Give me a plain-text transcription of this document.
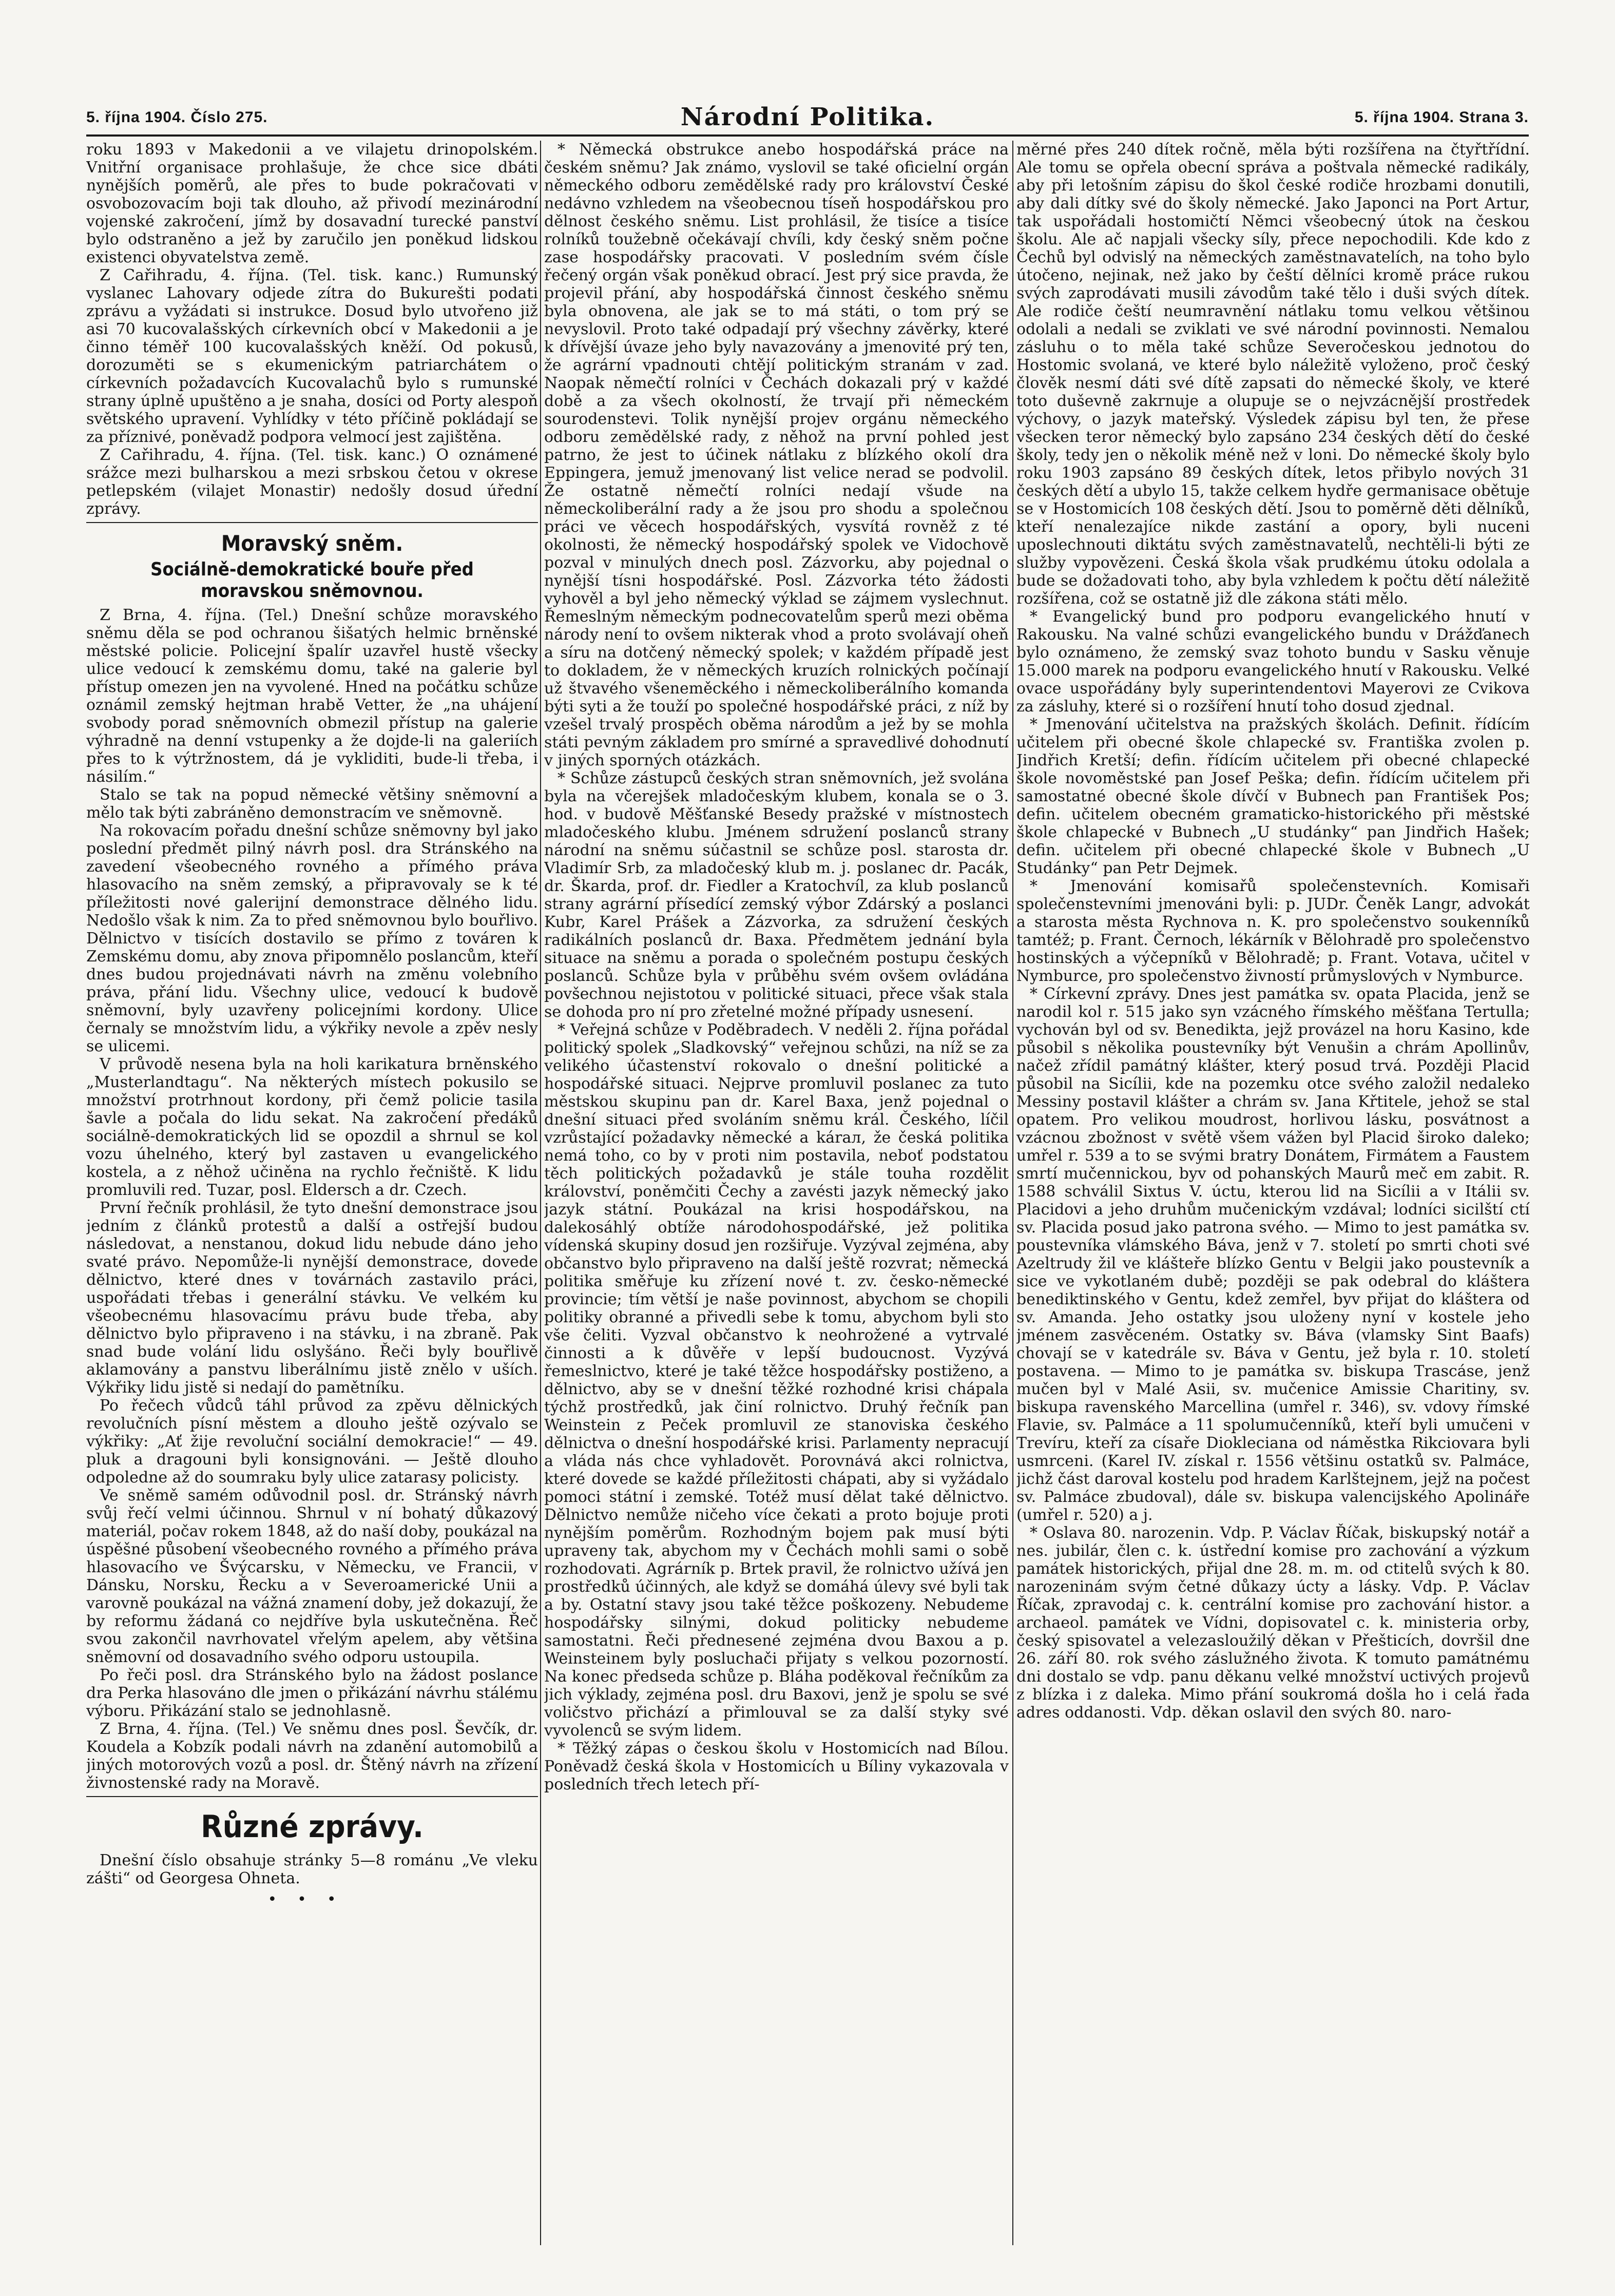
5. října 1904. Číslo 275.	Národní Politika.	5. října 1904. Strana 3.

roku 1893 v Makedonii a ve vilajetu drinopolském. Vnitřní organisace prohlašuje, že chce sice dbáti nynějších poměrů, ale přes to bude pokračovati v osvobozovacím boji tak dlouho, až přivodí mezinárodní vojenské zakročení, jímž by dosavadní turecké panství bylo odstraněno a jež by zaručilo jen poněkud lidskou existenci obyvatelstva země.

Z Cařihradu, 4. října. (Tel. tisk. kanc.) Rumunský vyslanec Lahovary odjede zítra do Bukurešti podati zprávu a vyžádati si instrukce. Dosud bylo utvořeno již asi 70 kucovalašských církevních obcí v Makedonii a je činno téměř 100 kucovalašských kněží. Od pokusů, dorozuměti se s ekumenickým patriarchátem o církevních požadavcích Kucovalachů bylo s rumunské strany úplně upuštěno a je snaha, dosíci od Porty alespoň světského upravení. Vyhlídky v této příčině pokládají se za příznivé, poněvadž podpora velmocí jest zajištěna.

Z Cařihradu, 4. října. (Tel. tisk. kanc.) O oznámené srážce mezi bulharskou a mezi srbskou četou v okrese petlepském (vilajet Monastir) nedošly dosud úřední zprávy.

Moravský sněm.
Sociálně-demokratické bouře před moravskou sněmovnou.

Z Brna, 4. října. (Tel.) Dnešní schůze moravského sněmu děla se pod ochranou šišatých helmic brněnské městské policie. Policejní špalír uzavřel hustě všecky ulice vedoucí k zemskému domu, také na galerie byl přístup omezen jen na vyvolené. Hned na počátku schůze oznámil zemský hejtman hrabě Vetter, že „na uhájení svobody porad sněmovních obmezil přístup na galerie výhradně na denní vstupenky a že dojde-li na galeriích přes to k výtržnostem, dá je vykliditi, bude-li třeba, i násilím.“

Stalo se tak na popud německé většiny sněmovní a mělo tak býti zabráněno demonstracím ve sněmovně.

Na rokovacím pořadu dnešní schůze sněmovny byl jako poslední předmět pilný návrh posl. dra Stránského na zavedení všeobecného rovného a přímého práva hlasovacího na sněm zemský, a připravovaly se k té příležitosti nové galerijní demonstrace dělného lidu. Nedošlo však k nim. Za to před sněmovnou bylo bouřlivo. Dělnictvo v tisících dostavilo se přímo z továren k Zemskému domu, aby znova připomnělo poslancům, kteří dnes budou projednávati návrh na změnu volebního práva, přání lidu. Všechny ulice, vedoucí k budově sněmovní, byly uzavřeny policejními kordony. Ulice černaly se množstvím lidu, a výkřiky nevole a zpěv nesly se ulicemi.

V průvodě nesena byla na holi karikatura brněnského „Musterlandtagu“. Na některých místech pokusilo se množství protrhnout kordony, při čemž policie tasila šavle a počala do lidu sekat. Na zakročení předáků sociálně-demokratických lid se opozdil a shrnul se kol vozu úhelného, který byl zastaven u evangelického kostela, a z něhož učiněna na rychlo řečniště. K lidu promluvili red. Tuzar, posl. Eldersch a dr. Czech.

První řečník prohlásil, že tyto dnešní demonstrace jsou jedním z článků protestů a další a ostřejší budou následovat, a nenstanou, dokud lidu nebude dáno jeho svaté právo. Nepomůže-li nynější demonstrace, dovede dělnictvo, které dnes v továrnách zastavilo práci, uspořádati třebas i generální stávku. Ve velkém ku všeobecnému hlasovacímu právu bude třeba, aby dělnictvo bylo připraveno i na stávku, i na zbraně. Pak snad bude volání lidu oslyšáno. Řeči byly bouřlivě aklamovány a panstvu liberálnímu jistě znělo v uších. Výkřiky lidu jistě si nedají do pamětníku.

Po řečech vůdců táhl průvod za zpěvu dělnických revolučních písní městem a dlouho ještě ozývalo se výkřiky: „Ať žije revoluční sociální demokracie!“ — 49. pluk a dragouni byli konsignováni. — Ještě dlouho odpoledne až do soumraku byly ulice zatarasy policisty.

Ve sněmě samém odůvodnil posl. dr. Stránský návrh svůj řečí velmi účinnou. Shrnul v ní bohatý důkazový materiál, počav rokem 1848, až do naší doby, poukázal na úspěšné působení všeobecného rovného a přímého práva hlasovacího ve Švýcarsku, v Německu, ve Francii, v Dánsku, Norsku, Řecku a v Severoamerické Unii a varovně poukázal na vážná znamení doby, jež dokazují, že by reformu žádaná co nejdříve byla uskutečněna. Řeč svou zakončil navrhovatel vřelým apelem, aby většina sněmovní od dosavadního svého odporu ustoupila.

Po řeči posl. dra Stránského bylo na žádost poslance dra Perka hlasováno dle jmen o přikázání návrhu stálému výboru. Přikázání stalo se jednohlasně.

Z Brna, 4. října. (Tel.) Ve sněmu dnes posl. Ševčík, dr. Koudela a Kobzík podali návrh na zdanění automobilů a jiných motorových vozů a posl. dr. Štěný návrh na zřízení živnostenské rady na Moravě.

Různé zprávy.

Dnešní číslo obsahuje stránky 5—8 románu „Ve vleku zášti“ od Georgesa Ohneta.

•••

* Německá obstrukce anebo hospodářská práce na českém sněmu? Jak známo, vyslovil se také oficielní orgán německého odboru zemědělské rady pro království České nedávno vzhledem na všeobecnou tíseň hospodářskou pro dělnost českého sněmu. List prohlásil, že tisíce a tisíce rolníků toužebně očekávají chvíli, kdy český sněm počne zase hospodářsky pracovati. V posledním svém čísle řečený orgán však poněkud obrací. Jest prý sice pravda, že projevil přání, aby hospodářská činnost českého sněmu byla obnovena, ale jak se to má státi, o tom prý se nevyslovil. Proto také odpadají prý všechny závěrky, které k dřívější úvaze jeho byly navazovány a jmenovité prý ten, že agrární vpadnouti chtějí politickým stranám v zad. Naopak němečtí rolníci v Čechách dokazali prý v každé době a za všech okolností, že trvají při německém sourodenstevi. Tolik nynější projev orgánu německého odboru zemědělské rady, z něhož na první pohled jest patrno, že jest to účinek nátlaku z blízkého okolí dra Eppingera, jemuž jmenovaný list velice nerad se podvolil. Že ostatně němečtí rolníci nedají všude na německoliberální rady a že jsou pro shodu a společnou práci ve věcech hospodářských, vysvítá rovněž z té okolnosti, že německý hospodářský spolek ve Vidochově pozval v minulých dnech posl. Zázvorku, aby pojednal o nynější tísni hospodářské. Posl. Zázvorka této žádosti vyhověl a byl jeho německý výklad se zájmem vyslechnut. Řemeslným německým podnecovatelům sperů mezi oběma národy není to ovšem nikterak vhod a proto svolávají oheň a síru na dotčený německý spolek; v každém případě jest to dokladem, že v německých kruzích rolnických počínají už štvavého všeneměckého i německoliberálního komanda býti syti a že touží po společné hospodářské práci, z níž by vzešel trvalý prospěch oběma národům a jež by se mohla státi pevným základem pro smírné a spravedlivé dohodnutí v jiných sporných otázkách.

* Schůze zástupců českých stran sněmovních, jež svolána byla na včerejšek mladočeským klubem, konala se o 3. hod. v budově Měšťanské Besedy pražské v místnostech mladočeského klubu. Jménem sdružení poslanců strany národní na sněmu súčastnil se schůze posl. starosta dr. Vladimír Srb, za mladočeský klub m. j. poslanec dr. Pacák, dr. Škarda, prof. dr. Fiedler a Kratochvíl, za klub poslanců strany agrární přísedící zemský výbor Zdárský a poslanci Kubr, Karel Prášek a Zázvorka, za sdružení českých radikálních poslanců dr. Baxa. Předmětem jednání byla situace na sněmu a porada o společném postupu českých poslanců. Schůze byla v průběhu svém ovšem ovládána povšechnou nejistotou v politické situaci, přece však stala se dohoda pro ní pro zřetelné možné případy usnesení.

* Veřejná schůze v Poděbradech. V neděli 2. října pořádal politický spolek „Sladkovský“ veřejnou schůzi, na níž se za velikého účastenství rokovalo o dnešní politické a hospodářské situaci. Nejprve promluvil poslanec za tuto městskou skupinu pan dr. Karel Baxa, jenž pojednal o dnešní situaci před svoláním sněmu král. Českého, líčil vzrůstající požadavky německé a kárал, že česká politika nemá toho, co by v proti nim postavila, neboť podstatou těch politických požadavků je stále touha rozdělit království, poněmčiti Čechy a zavésti jazyk německý jako jazyk státní. Poukázal na krisi hospodářskou, na dalekosáhlý obtíže národohospodářské, jež politika vídenská skupiny dosud jen rozšiřuje. Vyzýval zejména, aby občanstvo bylo připraveno na další ještě rozvrat; německá politika směřuje ku zřízení nové t. zv. česko-německé provincie; tím větší je naše povinnost, abychom se chopili politiky obranné a přivedli sebe k tomu, abychom byli sto vše čeliti. Vyzval občanstvo k neohrožené a vytrvalé činnosti a k důvěře v lepší budoucnost. Vyzývá řemeslnictvo, které je také těžce hospodářsky postiženo, a dělnictvo, aby se v dnešní těžké rozhodné krisi chápala týchž prostředků, jak činí rolnictvo. Druhý řečník pan Weinstein z Peček promluvil ze stanoviska českého dělnictva o dnešní hospodářské krisi. Parlamenty nepracují a vláda nás chce vyhladovět. Porovnává akci rolnictva, které dovede se každé příležitosti chápati, aby si vyžádalo pomoci státní i zemské. Totéž musí dělat také dělnictvo. Dělnictvo nemůže ničeho více čekati a proto bojuje proti nynějším poměrům. Rozhodným bojem pak musí býti upraveny tak, abychom my v Čechách mohli sami o sobě rozhodovati. Agrárník p. Brtek pravil, že rolnictvo užívá jen prostředků účinných, ale když se domáhá úlevy své byli tak a by. Ostatní stavy jsou také těžce poškozeny. Nebudeme hospodářsky silnými, dokud politicky nebudeme samostatni. Řeči přednesené zejména dvou Baxou a p. Weinsteinem byly posluchači přijaty s velkou pozorností. Na konec předseda schůze p. Bláha poděkoval řečníkům za jich výklady, zejména posl. dru Baxovi, jenž je spolu se své voličstvo přichází a přimlouval se za další styky své vyvolenců se svým lidem.

* Těžký zápas o českou školu v Hostomicích nad Bílou. Poněvadž česká škola v Hostomicích u Bíliny vykazovala v posledních třech letech pří-

měrné přes 240 dítek ročně, měla býti rozšířena na čtyřtřídní. Ale tomu se opřela obecní správa a poštvala německé radikály, aby při letošním zápisu do škol české rodiče hrozbami donutili, aby dali dítky své do školy německé. Jako Japonci na Port Artur, tak uspořádali hostomičtí Němci všeobecný útok na českou školu. Ale ač napjali všecky síly, přece nepochodili. Kde kdo z Čechů byl odvislý na německých zaměstnavatelích, na toho bylo útočeno, nejinak, než jako by čeští dělníci kromě práce rukou svých zaprodávati musili závodům také tělo i duši svých dítek. Ale rodiče čeští neumravnění nátlaku tomu velkou většinou odolali a nedali se zviklati ve své národní povinnosti. Nemalou zásluhu o to měla také schůze Severočeskou jednotou do Hostomic svolaná, ve které bylo náležitě vyloženo, proč český člověk nesmí dáti své dítě zapsati do německé školy, ve které toto duševně zakrnuje a olupuje se o nejvzácnější prostředek výchovy, o jazyk mateřský. Výsledek zápisu byl ten, že přese všecken teror německý bylo zapsáno 234 českých dětí do české školy, tedy jen o několik méně než v loni. Do německé školy bylo roku 1903 zapsáno 89 českých dítek, letos přibylo nových 31 českých dětí a ubylo 15, takže celkem hydře germanisace obětuje se v Hostomicích 108 českých dětí. Jsou to poměrně děti dělníků, kteří nenalezajíce nikde zastání a opory, byli nuceni uposlechnouti diktátu svých zaměstnavatelů, nechtěli-li býti ze služby vypovězeni. Česká škola však prudkému útoku odolala a bude se dožadovati toho, aby byla vzhledem k počtu dětí náležitě rozšířena, což se ostatně již dle zákona státi mělo.

* Evangelický bund pro podporu evangelického hnutí v Rakousku. Na valné schůzi evangelického bundu v Drážďanech bylo oznámeno, že zemský svaz tohoto bundu v Sasku věnuje 15.000 marek na podporu evangelického hnutí v Rakousku. Velké ovace uspořádány byly superintendentovi Mayerovi ze Cvikova za zásluhy, které si o rozšíření hnutí toho dosud zjednal.

* Jmenování učitelstva na pražských školách. Definit. řídícím učitelem při obecné škole chlapecké sv. Františka zvolen p. Jindřich Kretší; defin. řídícím učitelem při obecné chlapecké škole novoměstské pan Josef Peška; defin. řídícím učitelem při samostatné obecné škole dívčí v Bubnech pan František Pos; defin. učitelem obecném gramaticko-historického při městské škole chlapecké v Bubnech „U studánky“ pan Jindřich Hašek; defin. učitelem při obecné chlapecké škole v Bubnech „U Studánky“ pan Petr Dejmek.

* Jmenování komisařů společenstevních. Komisaři společenstevními jmenováni byli: p. JUDr. Čeněk Langr, advokát a starosta města Rychnova n. K. pro společenstvo soukenníků tamtéž; p. Frant. Černoch, lékárník v Bělohradě pro společenstvo hostinských a výčepníků v Bělohradě; p. Frant. Votava, učitel v Nymburce, pro společenstvo živností průmyslových v Nymburce.

* Církevní zprávy. Dnes jest památka sv. opata Placida, jenž se narodil kol r. 515 jako syn vzácného římského měšťana Tertulla; vychován byl od sv. Benedikta, jejž provázel na horu Kasino, kde působil s několika poustevníky být Venušin a chrám Apollinův, načež zřídil památný klášter, který posud trvá. Později Placid působil na Sicílii, kde na pozemku otce svého založil nedaleko Messiny postavil klášter a chrám sv. Jana Křtitele, jehož se stal opatem. Pro velikou moudrost, horlivou lásku, posvátnost a vzácnou zbožnost v světě všem vážen byl Placid široko daleko; umřel r. 539 a to se svými bratry Donátem, Firmátem a Faustem smrtí mučennickou, byv od pohanských Maurů meč em zabit. R. 1588 schválil Sixtus V. úctu, kterou lid na Sicílii a v Itálii sv. Placidovi a jeho druhům mučenickým vzdával; lodníci sicilští ctí sv. Placida posud jako patrona svého. — Mimo to jest památka sv. poustevníka vlámského Báva, jenž v 7. století po smrti choti své Azeltrudy žil ve klášteře blízko Gentu v Belgii jako poustevník a sice ve vykotlaném dubě; později se pak odebral do kláštera benediktinského v Gentu, kdež zemřel, byv přijat do kláštera od sv. Amanda. Jeho ostatky jsou uloženy nyní v kostele jeho jménem zasvěceném. Ostatky sv. Báva (vlamsky Sint Baafs) chovají se v katedrále sv. Báva v Gentu, jež byla r. 10. století postavena. — Mimo to je památka sv. biskupa Trascáse, jenž mučen byl v Malé Asii, sv. mučenice Amissie Charitiny, sv. biskupa ravenského Marcellina (umřel r. 346), sv. vdovy římské Flavie, sv. Palmáce a 11 spolumučenníků, kteří byli umučeni v Trevíru, kteří za císaře Diokleciana od náměstka Rikciovara byli usmrceni. (Karel IV. získal r. 1556 většinu ostatků sv. Palmáce, jichž část daroval kostelu pod hradem Karlštejnem, jejž na počest sv. Palmáce zbudoval), dále sv. biskupa valencijského Apolináře (umřel r. 520) a j.

* Oslava 80. narozenin. Vdp. P. Václav Říčak, biskupský notář a nes. jubilár, člen c. k. ústřední komise pro zachování a výzkum památek historických, přijal dne 28. m. m. od ctitelů svých k 80. narozeninám svým četné důkazy úcty a lásky. Vdp. P. Václav Říčak, zpravodaj c. k. centrální komise pro zachování histor. a archaeol. památek ve Vídni, dopisovatel c. k. ministeria orby, český spisovatel a velezasloužilý děkan v Přešticích, dovršil dne 26. září 80. rok svého záslužného života. K tomuto památnému dni dostalo se vdp. panu děkanu velké množství uctivých projevů z blízka i z daleka. Mimo přání soukromá došla ho i celá řada adres oddanosti. Vdp. děkan oslavil den svých 80. naro-
